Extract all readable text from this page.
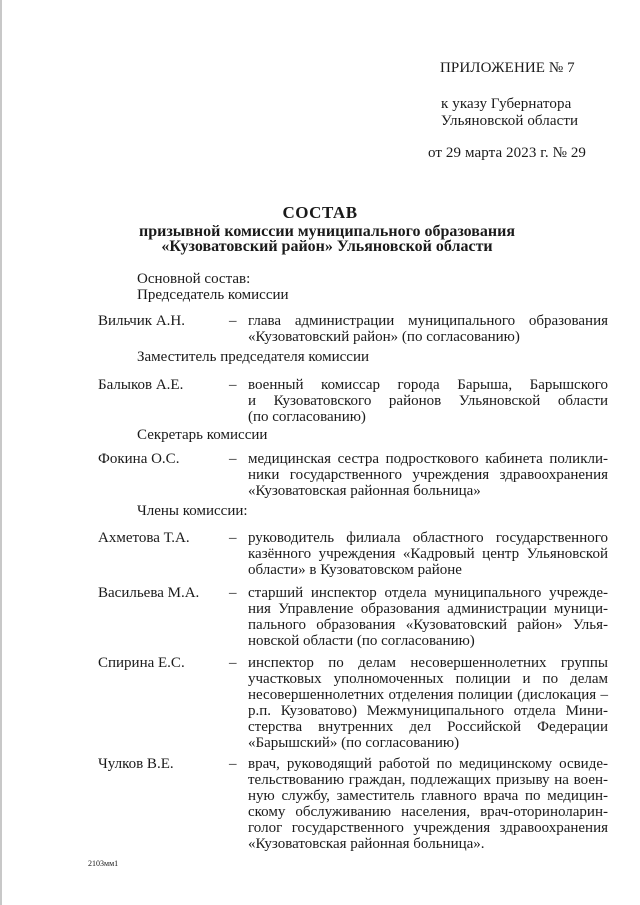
ПРИЛОЖЕНИЕ № 7
к указу Губернатора
Ульяновской области
от 29 марта 2023 г. № 29
СОСТАВ
призывной комиссии муниципального образования
«Кузоватовский район» Ульяновской области
Основной состав:
Председатель комиссии
Вильчик А.Н.	– глава администрации муниципального образования
«Кузоватовский район» (по согласованию)
Заместитель председателя комиссии
Балыков А.Е.	– военный комиссар города Барыша, Барышского
и Кузоватовского районов Ульяновской области
(по согласованию)
Секретарь комиссии
Фокина О.С.	– медицинская сестра подросткового кабинета поликли-
ники государственного учреждения здравоохранения
«Кузоватовская районная больница»
Члены комиссии:
Ахметова Т.А.	– руководитель филиала областного государственного
казённого учреждения «Кадровый центр Ульяновской
области» в Кузоватовском районе
Васильева М.А. – старший инспектор отдела муниципального учрежде-
ния Управление образования администрации муници-
пального образования «Кузоватовский район» Улья-
новской области (по согласованию)
Спирина Е.С.	– инспектор по делам несовершеннолетних группы
участковых уполномоченных полиции и по делам
несовершеннолетних отделения полиции (дислокация –
р.п. Кузоватово) Межмуниципального отдела Мини-
стерства внутренних дел Российской Федерации
«Барышский» (по согласованию)
Чулков В.Е.	– врач, руководящий работой по медицинскому освиде-
тельствованию граждан, подлежащих призыву на воен-
ную службу, заместитель главного врача по медицин-
скому обслуживанию населения, врач-оториноларин-
голог государственного учреждения здравоохранения
«Кузоватовская районная больница».
2103мм1
